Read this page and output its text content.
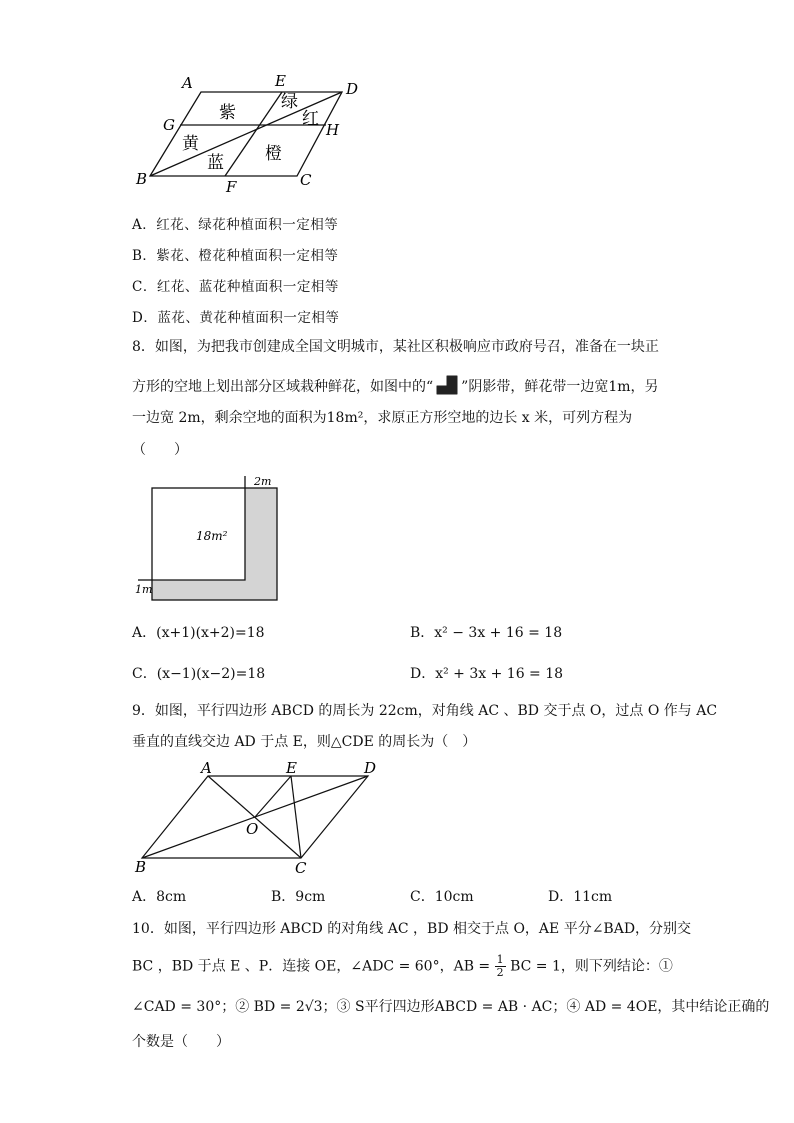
A	E	D
G	H
B	F	C
紫
绿
红
黄
蓝 橙
A．红花、绿花种植面积一定相等
B．紫花、橙花种植面积一定相等
C．红花、蓝花种植面积一定相等
D．蓝花、黄花种植面积一定相等
8．如图，为把我市创建成全国文明城市，某社区积极响应市政府号召，准备在一块正
方形的空地上划出部分区域栽种鲜花，如图中的“ ”阴影带，鲜花带一边宽1m，另
一边宽 2m，剩余空地的面积为18m²，求原正方形空地的边长 x 米，可列方程为
（　　）
2m
18m²
1m
A．(x+1)(x+2)=18	B．x² − 3x + 16 = 18
C．(x−1)(x−2)=18	D．x² + 3x + 16 = 18
9．如图，平行四边形 ABCD 的周长为 22cm，对角线 AC 、BD 交于点 O，过点 O 作与 AC
垂直的直线交边 AD 于点 E，则△CDE 的周长为（　）
A	E	D
O
B	C
A．8cm	B．9cm	C．10cm	D．11cm
10．如图，平行四边形 ABCD 的对角线 AC ，BD 相交于点 O，AE 平分∠BAD，分别交
BC ，BD 于点 E 、P．连接 OE，∠ADC = 60°，AB = $\frac{1}{2}$ BC = 1，则下列结论：①
∠CAD = 30°；② BD = 2√3；③ S平行四边形ABCD = AB · AC；④ AD = 4OE，其中结论正确的
个数是（　　）
